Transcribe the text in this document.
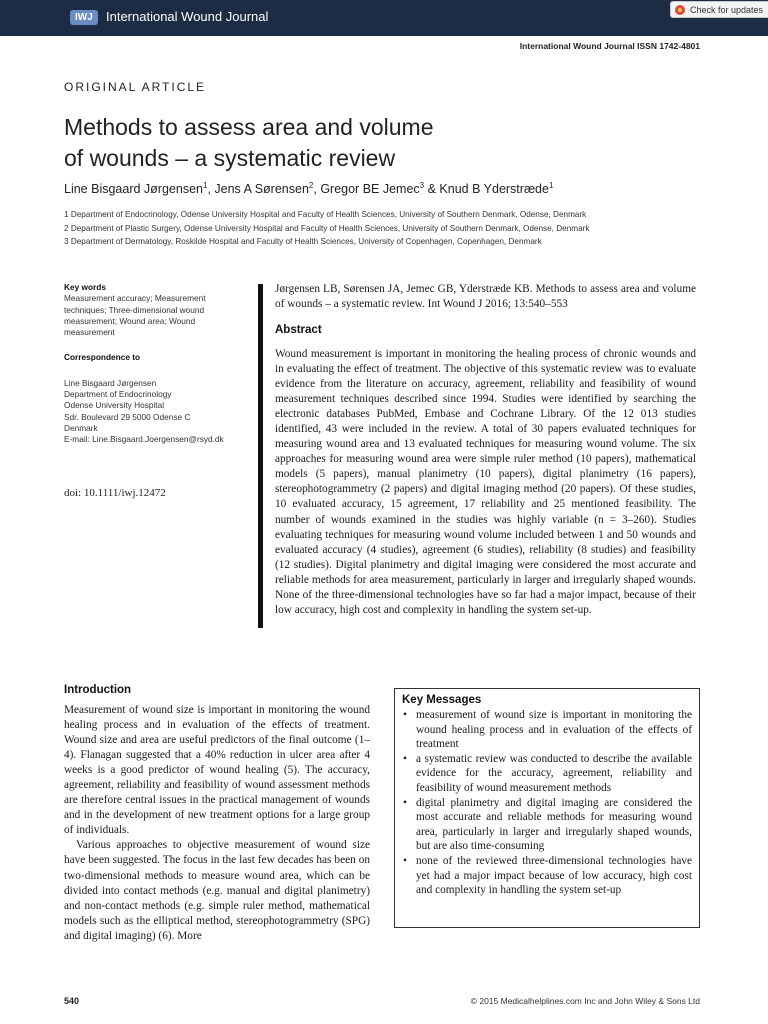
IWJ	International Wound Journal	Check for updates
International Wound Journal ISSN 1742-4801
ORIGINAL ARTICLE
Methods to assess area and volume
of wounds – a systematic review
Line Bisgaard Jørgensen$^1$, Jens A Sørensen$^2$, Gregor BE Jemec$^3$ & Knud B Yderstræde$^1$
1 Department of Endocrinology, Odense University Hospital and Faculty of Health Sciences, University of Southern Denmark, Odense, Denmark
2 Department of Plastic Surgery, Odense University Hospital and Faculty of Health Sciences, University of Southern Denmark, Odense, Denmark
3 Department of Dermatology, Roskilde Hospital and Faculty of Health Sciences, University of Copenhagen, Copenhagen, Denmark
Key words
Measurement accuracy; Measurement techniques; Three-dimensional wound measurement; Wound area; Wound measurement
Correspondence to
Line Bisgaard Jørgensen
Department of Endocrinology
Odense University Hospital
Sdr. Boulevard 29 5000 Odense C
Denmark
E-mail: Line.Bisgaard.Joergensen@rsyd.dk
doi: 10.1111/iwj.12472

Jørgensen LB, Sørensen JA, Jemec GB, Yderstræde KB. Methods to assess area and volume of wounds – a systematic review. Int Wound J 2016; 13:540–553

Abstract

Wound measurement is important in monitoring the healing process of chronic wounds and in evaluating the effect of treatment. The objective of this systematic review was to evaluate evidence from the literature on accuracy, agreement, reliability and feasibility of wound measurement techniques described since 1994. Studies were identified by searching the electronic databases PubMed, Embase and Cochrane Library. Of the 12 013 studies identified, 43 were included in the review. A total of 30 papers evaluated techniques for measuring wound area and 13 evaluated techniques for measuring wound volume. The six approaches for measuring wound area were simple ruler method (10 papers), mathematical models (5 papers), manual planimetry (10 papers), digital planimetry (16 papers), stereophotogrammetry (2 papers) and digital imaging method (20 papers). Of these studies, 10 evaluated accuracy, 15 agreement, 17 reliability and 25 mentioned feasibility. The number of wounds examined in the studies was highly variable (n = 3–260). Studies evaluating techniques for measuring wound volume included between 1 and 50 wounds and evaluated accuracy (4 studies), agreement (6 studies), reliability (8 studies) and feasibility (12 studies). Digital planimetry and digital imaging were considered the most accurate and reliable methods for area measurement, particularly in larger and irregularly shaped wounds. None of the three-dimensional technologies have so far had a major impact, because of their low accuracy, high cost and complexity in handling the system set-up.

Introduction

Measurement of wound size is important in monitoring the wound healing process and in evaluation of the effects of treatment. Wound size and area are useful predictors of the final outcome (1–4). Flanagan suggested that a 40% reduction in ulcer area after 4 weeks is a good predictor of wound healing (5). The accuracy, agreement, reliability and feasibility of wound assessment methods are therefore central issues in the practical management of wounds and in the development of new treatment options for a large group of individuals.

Various approaches to objective measurement of wound size have been suggested. The focus in the last few decades has been on two-dimensional methods to measure wound area, which can be divided into contact methods (e.g. manual and digital planimetry) and non-contact methods (e.g. simple ruler method, mathematical models such as the elliptical method, stereophotogrammetry (SPG) and digital imaging) (6). More

Key Messages
• measurement of wound size is important in monitoring the wound healing process and in evaluation of the effects of treatment
• a systematic review was conducted to describe the available evidence for the accuracy, agreement, reliability and feasibility of wound measurement methods
• digital planimetry and digital imaging are considered the most accurate and reliable methods for measuring wound area, particularly in larger and irregularly shaped wounds, but are also time-consuming
• none of the reviewed three-dimensional technologies have yet had a major impact because of low accuracy, high cost and complexity in handling the system set-up
540	© 2015 Medicalhelplines.com Inc and John Wiley & Sons Ltd
